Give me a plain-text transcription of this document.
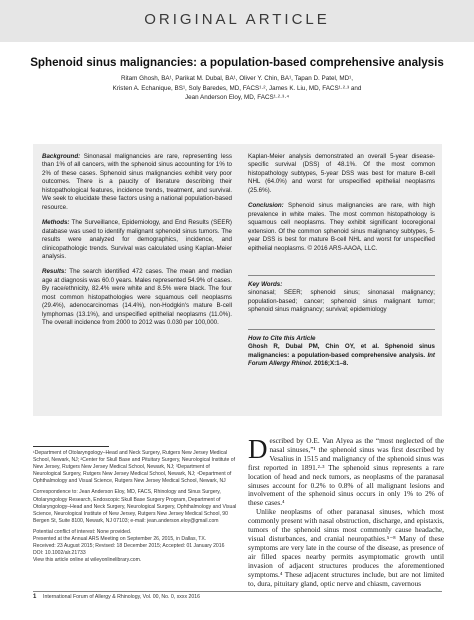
ORIGINAL ARTICLE
Sphenoid sinus malignancies: a population-based comprehensive analysis
Ritam Ghosh, BA¹, Parikat M. Dubal, BA¹, Oliver Y. Chin, BA¹, Tapan D. Patel, MD¹,
Kristen A. Echanique, BS¹, Soly Baredes, MD, FACS¹·², James K. Liu, MD, FACS¹·²·³ and
Jean Anderson Eloy, MD, FACS¹·²·³·⁴

Background: Sinonasal malignancies are rare, representing less than 1% of all cancers, with the sphenoid sinus accounting for 1% to 2% of these cases. Sphenoid sinus malignancies exhibit very poor outcomes. There is a paucity of literature describing their histopathological features, incidence trends, treatment, and survival. We seek to elucidate these factors using a national population-based resource.

Methods: The Surveillance, Epidemiology, and End Results (SEER) database was used to identify malignant sphenoid sinus tumors. The results were analyzed for demographics, incidence, and clinicopathologic trends. Survival was calculated using Kaplan-Meier analysis.

Results: The search identified 472 cases. The mean and median age at diagnosis was 60.0 years. Males represented 54.9% of cases. By race/ethnicity, 82.4% were white and 8.5% were black. The four most common histopathologies were squamous cell neoplasms (29.4%), adenocarcinomas (14.4%), non-Hodgkin's mature B-cell lymphomas (13.1%), and unspecified epithelial neoplasms (11.0%). The overall incidence from 2000 to 2012 was 0.030 per 100,000.

Kaplan-Meier analysis demonstrated an overall 5-year disease-specific survival (DSS) of 48.1%. Of the most common histopathology subtypes, 5-year DSS was best for mature B-cell NHL (64.0%) and worst for unspecified epithelial neoplasms (25.6%).

Conclusion: Sphenoid sinus malignancies are rare, with high prevalence in white males. The most common histopathology is squamous cell neoplasms. They exhibit significant locoregional extension. Of the common sphenoid sinus malignancy subtypes, 5-year DSS is best for mature B-cell NHL and worst for unspecified epithelial neoplasms. © 2016 ARS-AAOA, LLC.

Key Words:
sinonasal; SEER; sphenoid sinus; sinonasal malignancy; population-based; cancer; sphenoid sinus malignant tumor; sphenoid sinus malignancy; survival; epidemiology
How to Cite this Article
Ghosh R, Dubal PM, Chin OY, et al. Sphenoid sinus malignancies: a population-based comprehensive analysis. Int Forum Allergy Rhinol. 2016;X:1–8.

¹Department of Otolaryngology–Head and Neck Surgery, Rutgers New Jersey Medical School, Newark, NJ; ²Center for Skull Base and Pituitary Surgery, Neurological Institute of New Jersey, Rutgers New Jersey Medical School, Newark, NJ; ³Department of Neurological Surgery, Rutgers New Jersey Medical School, Newark, NJ; ⁴Department of Ophthalmology and Visual Science, Rutgers New Jersey Medical School, Newark, NJ

Correspondence to: Jean Anderson Eloy, MD, FACS, Rhinology and Sinus Surgery, Otolaryngology Research, Endoscopic Skull Base Surgery Program, Department of Otolaryngology–Head and Neck Surgery, Neurological Surgery, Ophthalmology and Visual Science, Neurological Institute of New Jersey, Rutgers New Jersey Medical School, 90 Bergen St, Suite 8100, Newark, NJ 07103; e-mail: jean.anderson.eloy@gmail.com

Potential conflict of interest: None provided.
Presented at the Annual ARS Meeting on September 26, 2015, in Dallas, TX.
Received: 23 August 2015; Revised: 18 December 2015; Accepted: 01 January 2016
DOI: 10.1002/alr.21733
View this article online at wileyonlinelibrary.com.

Described by O.E. Van Alyea as the “most neglected of the nasal sinuses,”¹ the sphenoid sinus was first described by Vesalius in 1515 and malignancy of the sphenoid sinus was first reported in 1891.²·³ The sphenoid sinus represents a rare location of head and neck tumors, as neoplasms of the paranasal sinuses account for 0.2% to 0.8% of all malignant lesions and involvement of the sphenoid sinus occurs in only 1% to 2% of these cases.⁴

Unlike neoplasms of other paranasal sinuses, which most commonly present with nasal obstruction, discharge, and epistaxis, tumors of the sphenoid sinus most commonly cause headache, visual disturbances, and cranial neuropathies.⁵⁻⁸ Many of these symptoms are very late in the course of the disease, as presence of air filled spaces nearby permits asymptomatic growth until invasion of adjacent structures produces the aforementioned symptoms.⁴ These adjacent structures include, but are not limited to, dura, pituitary gland, optic nerve and chiasm, cavernous

1 International Forum of Allergy & Rhinology, Vol. 00, No. 0, xxxx 2016
